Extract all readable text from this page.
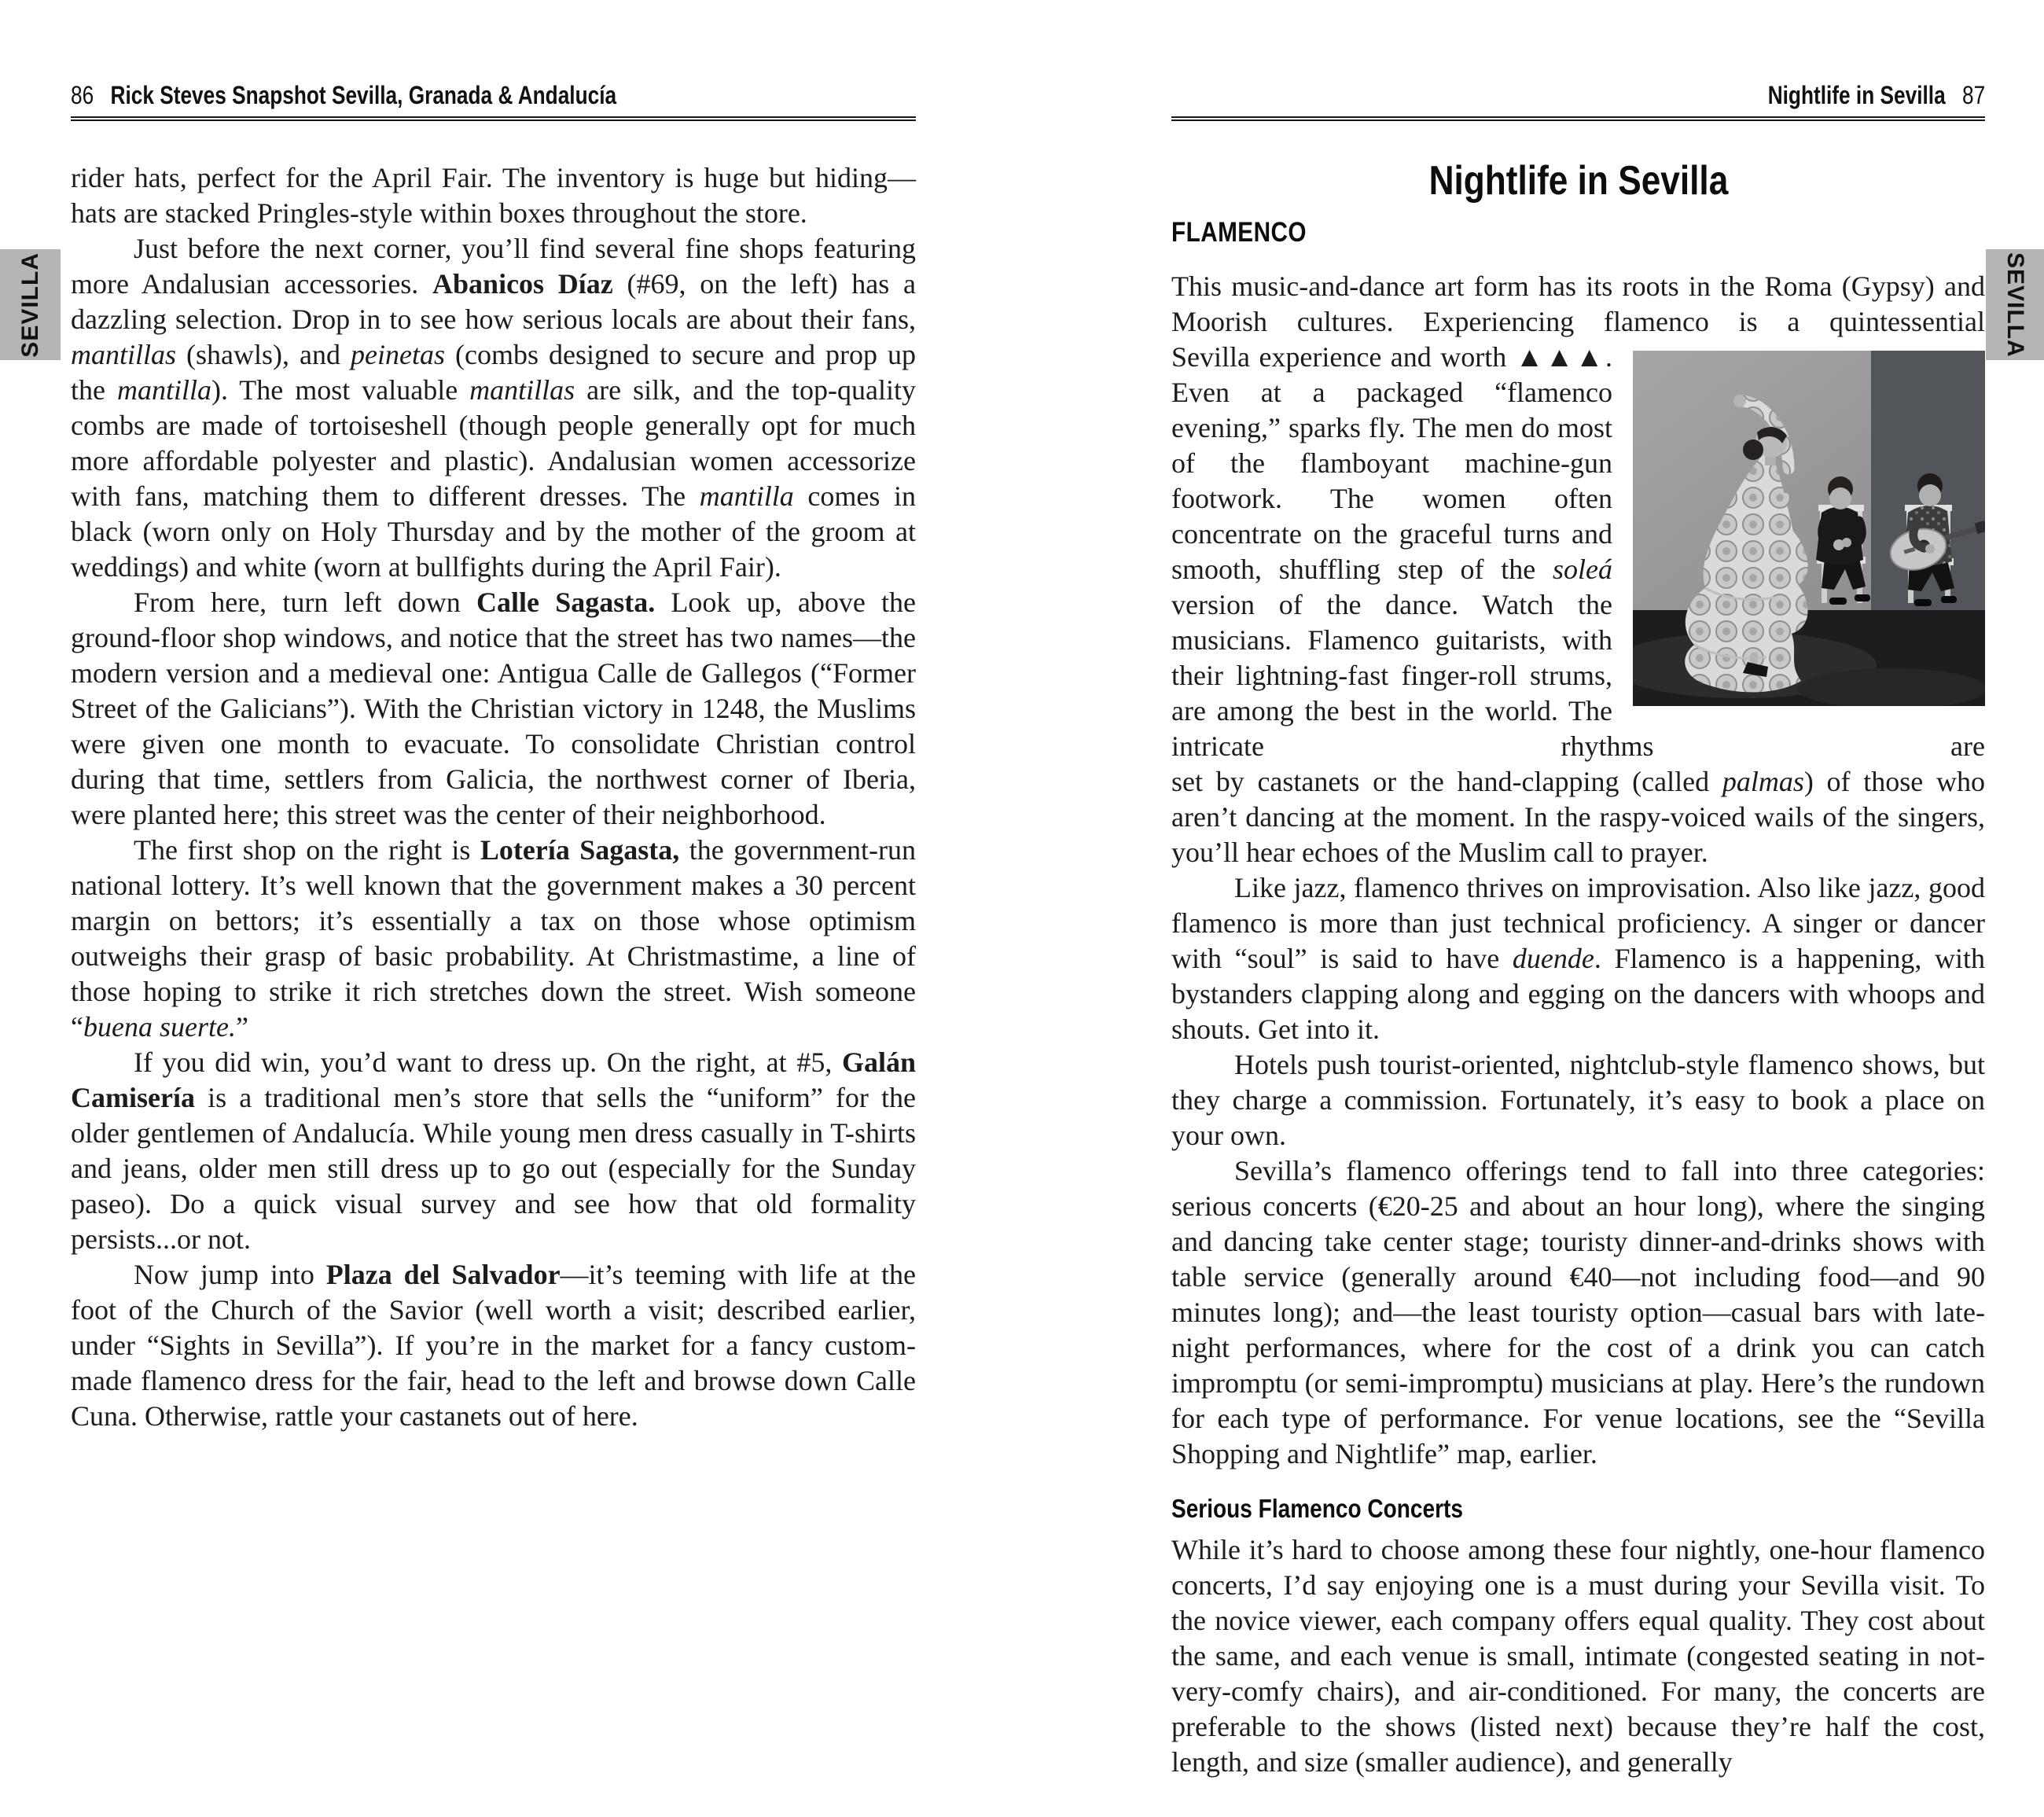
SEVILLA	SEVILLA
86 Rick Steves Snapshot Sevilla, Granada & Andalucía

rider hats, perfect for the April Fair. The inventory is huge but hiding—hats are stacked Pringles-style within boxes throughout the store.

Just before the next corner, you’ll find several fine shops featuring more Andalusian accessories. Abanicos Díaz (#69, on the left) has a dazzling selection. Drop in to see how serious locals are about their fans, mantillas (shawls), and peinetas (combs designed to secure and prop up the mantilla). The most valuable mantillas are silk, and the top-quality combs are made of tortoiseshell (though people generally opt for much more affordable polyester and plastic). Andalusian women accessorize with fans, matching them to different dresses. The mantilla comes in black (worn only on Holy Thursday and by the mother of the groom at weddings) and white (worn at bullfights during the April Fair).

From here, turn left down Calle Sagasta. Look up, above the ground-floor shop windows, and notice that the street has two names—the modern version and a medieval one: Antigua Calle de Gallegos (“Former Street of the Galicians”). With the Christian victory in 1248, the Muslims were given one month to evacuate. To consolidate Christian control during that time, settlers from Galicia, the northwest corner of Iberia, were planted here; this street was the center of their neighborhood.

The first shop on the right is Lotería Sagasta, the government-run national lottery. It’s well known that the government makes a 30 percent margin on bettors; it’s essentially a tax on those whose optimism outweighs their grasp of basic probability. At Christmastime, a line of those hoping to strike it rich stretches down the street. Wish someone “buena suerte.”

If you did win, you’d want to dress up. On the right, at #5, Galán Camisería is a traditional men’s store that sells the “uniform” for the older gentlemen of Andalucía. While young men dress casually in T-shirts and jeans, older men still dress up to go out (especially for the Sunday paseo). Do a quick visual survey and see how that old formality persists...or not.

Now jump into Plaza del Salvador—it’s teeming with life at the foot of the Church of the Savior (well worth a visit; described earlier, under “Sights in Sevilla”). If you’re in the market for a fancy custom-made flamenco dress for the fair, head to the left and browse down Calle Cuna. Otherwise, rattle your castanets out of here.

Nightlife in Sevilla 87
Nightlife in Sevilla
FLAMENCO

This music-and-dance art form has its roots in the Roma (Gypsy) and Moorish cultures. Experiencing flamenco is a quintessential

Sevilla experience and worth ▲▲▲. Even at a packaged “flamenco evening,” sparks fly. The men do most of the flamboyant machine-gun footwork. The women often concentrate on the graceful turns and smooth, shuffling step of the soleá version of the dance. Watch the musicians. Flamenco guitarists, with their lightning-fast finger-roll strums, are among the best in the world. The intricate rhythms are

set by castanets or the hand-clapping (called palmas) of those who aren’t dancing at the moment. In the raspy-voiced wails of the singers, you’ll hear echoes of the Muslim call to prayer.

Like jazz, flamenco thrives on improvisation. Also like jazz, good flamenco is more than just technical proficiency. A singer or dancer with “soul” is said to have duende. Flamenco is a happening, with bystanders clapping along and egging on the dancers with whoops and shouts. Get into it.

Hotels push tourist-oriented, nightclub-style flamenco shows, but they charge a commission. Fortunately, it’s easy to book a place on your own.

Sevilla’s flamenco offerings tend to fall into three categories: serious concerts (€20-25 and about an hour long), where the singing and dancing take center stage; touristy dinner-and-drinks shows with table service (generally around €40—not including food—and 90 minutes long); and—the least touristy option—casual bars with late-night performances, where for the cost of a drink you can catch impromptu (or semi-impromptu) musicians at play. Here’s the rundown for each type of performance. For venue locations, see the “Sevilla Shopping and Nightlife” map, earlier.

Serious Flamenco Concerts

While it’s hard to choose among these four nightly, one-hour flamenco concerts, I’d say enjoying one is a must during your Sevilla visit. To the novice viewer, each company offers equal quality. They cost about the same, and each venue is small, intimate (congested seating in not-very-comfy chairs), and air-conditioned. For many, the concerts are preferable to the shows (listed next) because they’re half the cost, length, and size (smaller audience), and generally
